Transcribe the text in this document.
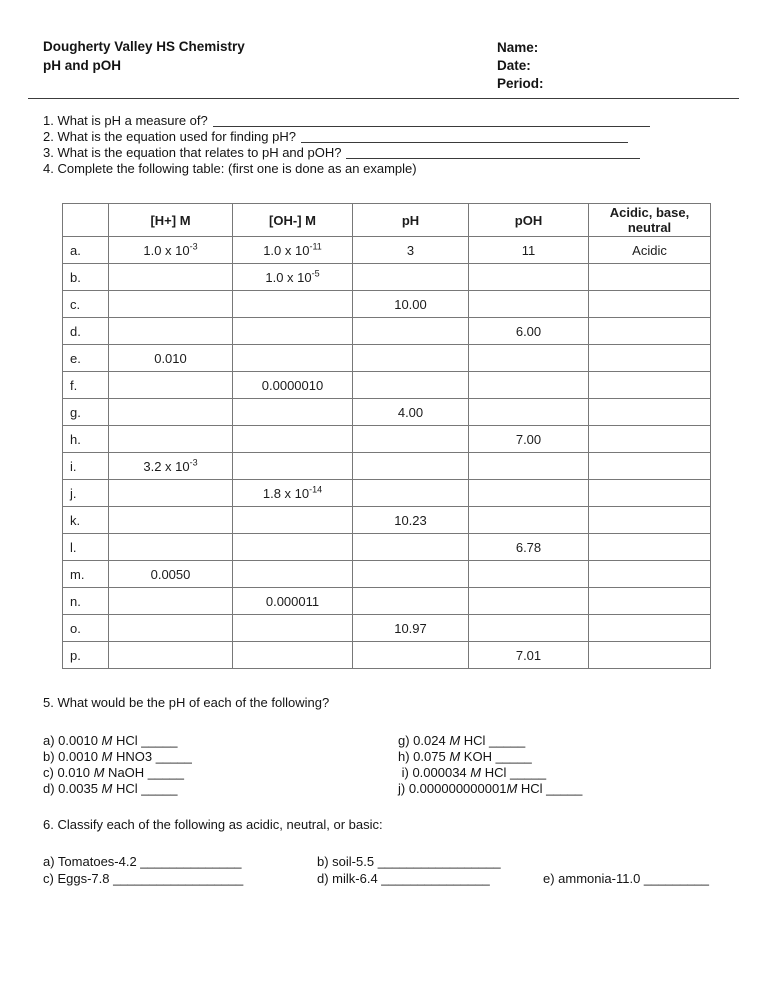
Dougherty Valley HS Chemistry
pH and pOH
Name:
Date:
Period:
1. What is pH a measure of?
2. What is the equation used for finding pH?
3. What is the equation that relates to pH and pOH?
4. Complete the following table: (first one is done as an example)
	[H+] M	[OH-] M	pH	pOH	Acidic, base, neutral
a.	1.0 x $10^{-3}$	1.0 x $10^{-11}$	3	11	Acidic
b.		1.0 x $10^{-5}$			
c.			10.00		
d.				6.00	
e.	0.010				
f.		0.0000010			
g.			4.00		
h.				7.00	
i.	3.2 x $10^{-3}$				
j.		1.8 x $10^{-14}$			
k.			10.23		
l.				6.78	
m.	0.0050				
n.		0.000011			
o.			10.97		
p.				7.01	
5. What would be the pH of each of the following?
a) 0.0010 M HCl _____
b) 0.0010 M HNO3 _____
c) 0.010 M NaOH _____
d) 0.0035 M HCl _____
g) 0.024 M HCl _____
h) 0.075 M KOH _____
i) 0.000034 M HCl _____
j) 0.000000000001M HCl _____
6. Classify each of the following as acidic, neutral, or basic:
a) Tomatoes-4.2 ______________	b) soil-5.5 _________________
c) Eggs-7.8 __________________	d) milk-6.4 _______________	e) ammonia-11.0 _________
